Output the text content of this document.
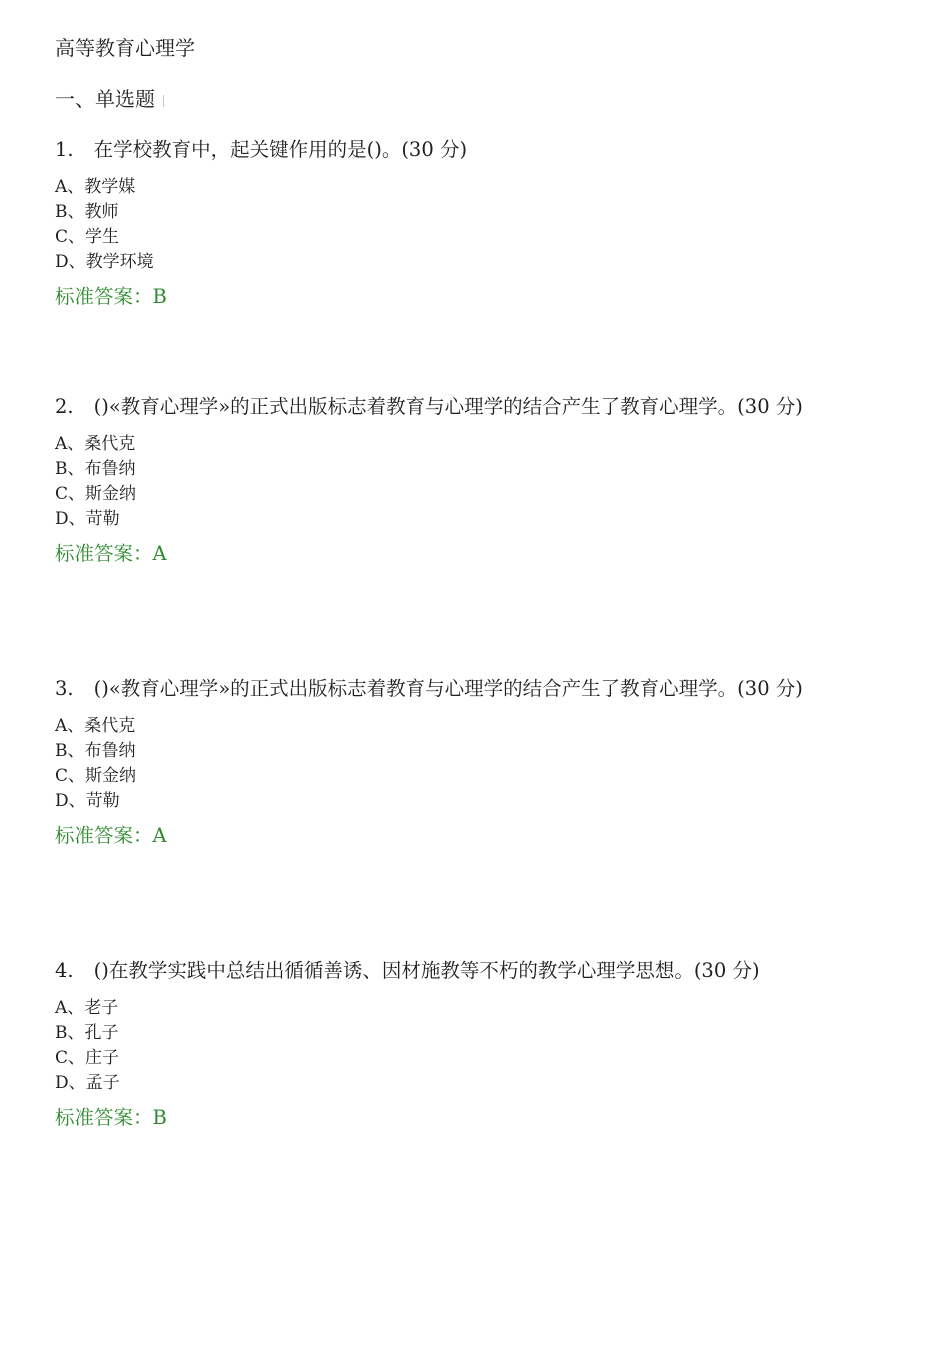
高等教育心理学
一、单选题
1. 在学校教育中，起关键作用的是()。(30 分)
A、教学媒
B、教师
C、学生
D、教学环境
标准答案：B
2. ()«教育心理学»的正式出版标志着教育与心理学的结合产生了教育心理学。(30 分)
A、桑代克
B、布鲁纳
C、斯金纳
D、苛勒
标准答案：A
3. ()«教育心理学»的正式出版标志着教育与心理学的结合产生了教育心理学。(30 分)
A、桑代克
B、布鲁纳
C、斯金纳
D、苛勒
标准答案：A
4. ()在教学实践中总结出循循善诱、因材施教等不朽的教学心理学思想。(30 分)
A、老子
B、孔子
C、庄子
D、孟子
标准答案：B
